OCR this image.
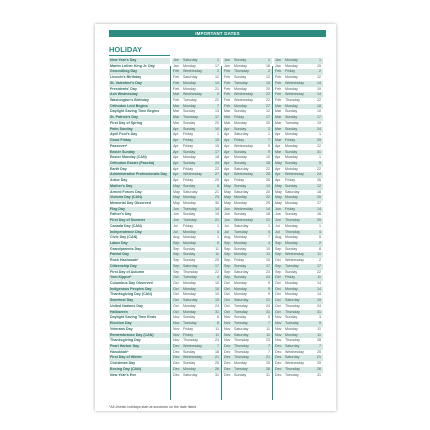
IMPORTANT DATES
HOLIDAY
New Year's Day	Jan	Saturday	1	Jan	Sunday	1	Jan	Monday	1
Martin Luther King Jr. Day	Jan	Monday	17	Jan	Monday	16	Jan	Monday	15
Groundhog Day	Feb	Wednesday	2	Feb	Thursday	2	Feb	Friday	2
Lincoln's Birthday	Feb	Saturday	12	Feb	Sunday	12	Feb	Monday	12
St. Valentine's Day	Feb	Monday	14	Feb	Tuesday	14	Feb	Wednesday	14
Presidents' Day	Feb	Monday	21	Feb	Monday	20	Feb	Monday	19
Ash Wednesday	Mar	Wednesday	2	Feb	Wednesday	22	Feb	Wednesday	14
Washington's Birthday	Feb	Tuesday	22	Feb	Wednesday	22	Feb	Thursday	22
Orthodox Lent Begins	Mar	Monday	7	Feb	Monday	27	Mar	Monday	18
Daylight Saving Time Begins	Mar	Sunday	13	Mar	Sunday	12	Mar	Sunday	10
St. Patrick's Day	Mar	Thursday	17	Mar	Friday	17	Mar	Sunday	17
First Day of Spring	Mar	Sunday	20	Mar	Monday	20	Mar	Tuesday	19
Palm Sunday	Apr	Sunday	10	Apr	Sunday	2	Mar	Sunday	24
April Fool's Day	Apr	Friday	1	Apr	Saturday	1	Apr	Monday	1
Good Friday	Apr	Friday	15	Apr	Friday	7	Mar	Friday	29
Passover*	Apr	Friday	15	Apr	Wednesday	5	Apr	Monday	22
Easter Sunday	Apr	Sunday	17	Apr	Sunday	9	Mar	Sunday	31
Easter Monday (CAN)	Apr	Monday	18	Apr	Monday	10	Apr	Monday	1
Orthodox Easter (Pascha)	Apr	Sunday	24	Apr	Sunday	16	May Sunday	5
Earth Day	Apr	Friday	22	Apr	Saturday	22	Apr	Monday	22
Administrative Professionals Day	Apr	Wednesday	27	Apr	Wednesday	26	Apr	Wednesday	24
Arbor Day	Apr	Friday	29	Apr	Friday	28	Apr	Friday	26
Mother's Day	May Sunday	8	May Sunday	14	May Sunday	12
Armed Forces Day	May Saturday	21	May Saturday	20	May Saturday	18
Victoria Day (CAN)	May Monday	23	May Monday	22	May Monday	20
Memorial Day Observed	May Monday	30	May Monday	29	May Monday	27
Flag Day	Jun	Tuesday	14	Jun	Wednesday	14	Jun	Friday	14
Father's Day	Jun	Sunday	19	Jun	Sunday	18	Jun	Sunday	16
First Day of Summer	Jun	Tuesday	21	Jun	Wednesday	21	Jun	Thursday	20
Canada Day (CAN)	Jul	Friday	1	Jul	Saturday	1	Jul	Monday	1
Independence Day	Jul	Monday	4	Jul	Tuesday	4	Jul	Thursday	4
Civic Day (CAN)	Aug Monday	1	Aug Monday	7	Aug Monday	5
Labor Day	Sep Monday	5	Sep Monday	4	Sep Monday	2
Grandparents Day	Sep Sunday	11	Sep Sunday	10	Sep Sunday	8
Patriot Day	Sep Sunday	11	Sep Monday	11	Sep Wednesday	11
Rosh Hashanah*	Sep Sunday	25	Sep Friday	15	Oct	Wednesday	2
Citizenship Day	Sep Saturday	17	Sep Sunday	17	Sep Tuesday	17
First Day of Autumn	Sep Thursday	22	Sep Saturday	23	Sep Sunday	22
Yom Kippur*	Oct	Tuesday	4	Sep Sunday	24	Oct	Friday	11
Columbus Day Observed	Oct	Monday	10	Oct	Monday	9	Oct	Monday	14
Indigenous Peoples Day	Oct	Monday	10	Oct	Monday	9	Oct	Monday	14
Thanksgiving Day (CAN)	Oct	Monday	10	Oct	Monday	9	Oct	Monday	14
Sweetest Day	Oct	Saturday	15	Oct	Saturday	21	Oct	Saturday	19
United Nations Day	Oct	Monday	24	Oct	Tuesday	24	Oct	Thursday	24
Halloween	Oct	Monday	31	Oct	Tuesday	31	Oct	Thursday	31
Daylight Saving Time Ends	Nov Sunday	6	Nov Sunday	5	Nov Sunday	3
Election Day	Nov Tuesday	8	Nov Tuesday	7	Nov Tuesday	5
Veterans Day	Nov Friday	11	Nov Saturday	11	Nov Monday	11
Remembrance Day (CAN)	Nov Friday	11	Nov Saturday	11	Nov Monday	11
Thanksgiving Day	Nov Thursday	24	Nov Thursday	23	Nov Thursday	28
Pearl Harbor Day	Dec Wednesday	7	Dec Thursday	7	Dec Saturday	7
Hanukkah*	Dec Sunday	18	Dec Thursday	7	Dec Wednesday	25
First Day of Winter	Dec Wednesday	21	Dec Thursday	21	Dec Saturday	21
Christmas Day	Dec Sunday	25	Dec Monday	25	Dec Wednesday	25
Boxing Day (CAN)	Dec Monday	26	Dec Tuesday	26	Dec Thursday	26
New Year's Eve	Dec Saturday	31	Dec Sunday	31	Dec Tuesday	31
*All Jewish holidays start at sundown on the date listed
